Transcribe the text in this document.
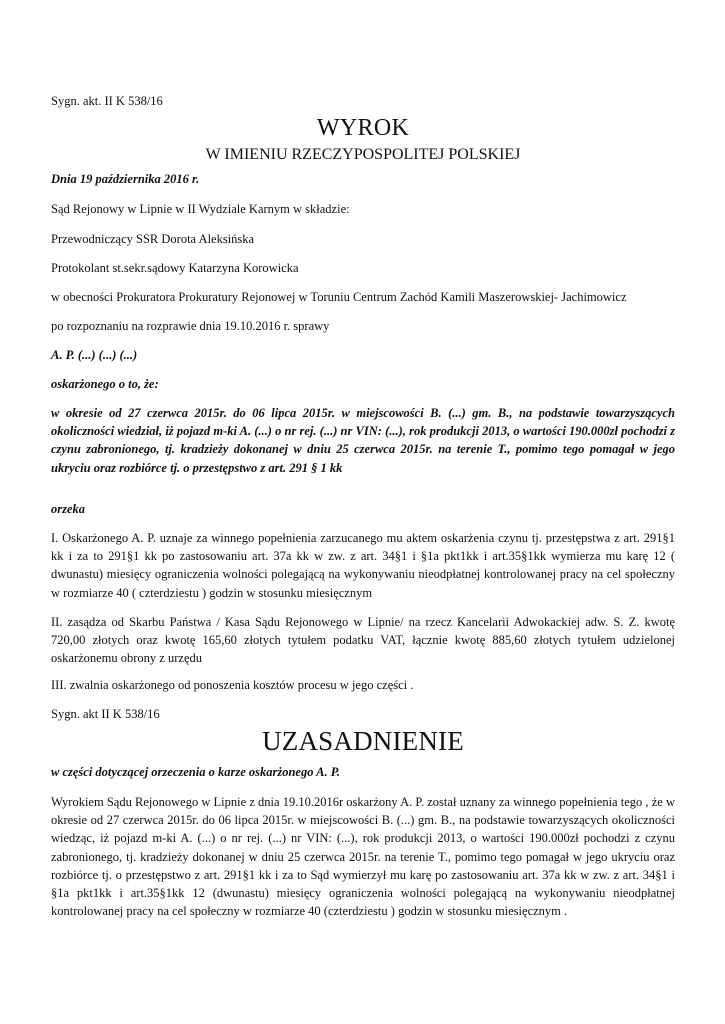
Sygn. akt. II K 538/16
WYROK
W IMIENIU RZECZYPOSPOLITEJ POLSKIEJ
Dnia 19 października 2016 r.
Sąd Rejonowy w Lipnie w II Wydziale Karnym w składzie:
Przewodniczący SSR Dorota Aleksińska
Protokolant st.sekr.sądowy Katarzyna Korowicka
w obecności Prokuratora Prokuratury Rejonowej w Toruniu Centrum Zachód Kamili Maszerowskiej- Jachimowicz
po rozpoznaniu na rozprawie dnia 19.10.2016 r. sprawy
A. P. (...) (...) (...)
oskarżonego o to, że:
w okresie od 27 czerwca 2015r. do 06 lipca 2015r. w miejscowości B. (...) gm. B., na podstawie towarzyszących okoliczności wiedział, iż pojazd m-ki A. (...) o nr rej. (...) nr VIN: (...), rok produkcji 2013, o wartości 190.000zł pochodzi z czynu zabronionego, tj. kradzieży dokonanej w dniu 25 czerwca 2015r. na terenie T., pomimo tego pomagał w jego ukryciu oraz rozbiórce tj. o przestępstwo z art. 291 § 1 kk
orzeka
I. Oskarżonego A. P. uznaje za winnego popełnienia zarzucanego mu aktem oskarżenia czynu tj. przestępstwa z art. 291§1 kk i za to 291§1 kk po zastosowaniu art. 37a kk w zw. z art. 34§1 i §1a pkt1kk i art.35§1kk wymierza mu karę 12 ( dwunastu) miesięcy ograniczenia wolności polegającą na wykonywaniu nieodpłatnej kontrolowanej pracy na cel społeczny w rozmiarze 40 ( czterdziestu ) godzin w stosunku miesięcznym
II. zasądza od Skarbu Państwa / Kasa Sądu Rejonowego w Lipnie/ na rzecz Kancelarii Adwokackiej adw. S. Z. kwotę 720,00 złotych oraz kwotę 165,60 złotych tytułem podatku VAT, łącznie kwotę 885,60 złotych tytułem udzielonej oskarżonemu obrony z urzędu
III. zwalnia oskarżonego od ponoszenia kosztów procesu w jego części .
Sygn. akt II K 538/16
UZASADNIENIE
w części dotyczącej orzeczenia o karze oskarżonego A. P.
Wyrokiem Sądu Rejonowego w Lipnie z dnia 19.10.2016r oskarżony A. P. został uznany za winnego popełnienia tego , że w okresie od 27 czerwca 2015r. do 06 lipca 2015r. w miejscowości B. (...) gm. B., na podstawie towarzyszących okoliczności wiedząc, iż pojazd m-ki A. (...) o nr rej. (...) nr VIN: (...), rok produkcji 2013, o wartości 190.000zł pochodzi z czynu zabronionego, tj. kradzieży dokonanej w dniu 25 czerwca 2015r. na terenie T., pomimo tego pomagał w jego ukryciu oraz rozbiórce tj. o przestępstwo z art. 291§1 kk i za to Sąd wymierzył mu karę po zastosowaniu art. 37a kk w zw. z art. 34§1 i §1a pkt1kk i art.35§1kk 12 (dwunastu) miesięcy ograniczenia wolności polegającą na wykonywaniu nieodpłatnej kontrolowanej pracy na cel społeczny w rozmiarze 40 (czterdziestu ) godzin w stosunku miesięcznym .
